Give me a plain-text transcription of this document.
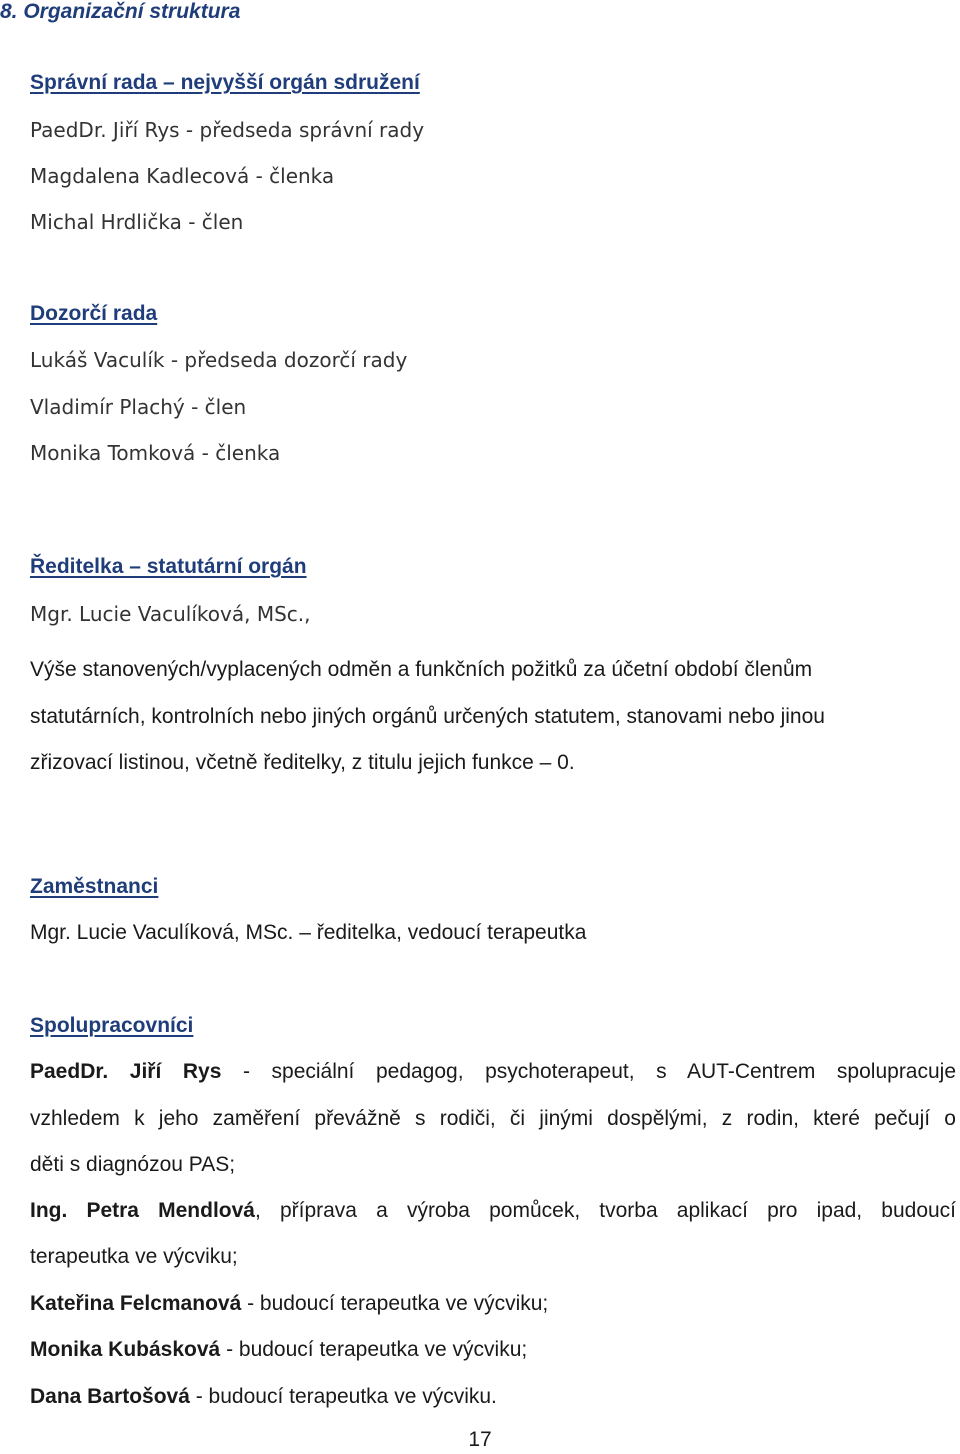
8. Organizační struktura

Správní rada – nejvyšší orgán sdružení

PaedDr. Jiří Rys - předseda správní rady

Magdalena Kadlecová - členka

Michal Hrdlička - člen

Dozorčí rada

Lukáš Vaculík - předseda dozorčí rady

Vladimír Plachý - člen

Monika Tomková - členka

Ředitelka – statutární orgán

Mgr. Lucie Vaculíková, MSc.,

Výše stanovených/vyplacených odměn a funkčních požitků za účetní období členům

statutárních, kontrolních nebo jiných orgánů určených statutem, stanovami nebo jinou

zřizovací listinou, včetně ředitelky, z titulu jejich funkce – 0.

Zaměstnanci

Mgr. Lucie Vaculíková, MSc. – ředitelka, vedoucí terapeutka

Spolupracovníci

PaedDr. Jiří Rys - speciální pedagog, psychoterapeut, s AUT-Centrem spolupracuje

vzhledem k jeho zaměření převážně s rodiči, či jinými dospělými, z rodin, které pečují o

děti s diagnózou PAS;

Ing. Petra Mendlová, příprava a výroba pomůcek, tvorba aplikací pro ipad, budoucí

terapeutka ve výcviku;

Kateřina Felcmanová - budoucí terapeutka ve výcviku;

Monika Kubásková - budoucí terapeutka ve výcviku;

Dana Bartošová - budoucí terapeutka ve výcviku.

17
